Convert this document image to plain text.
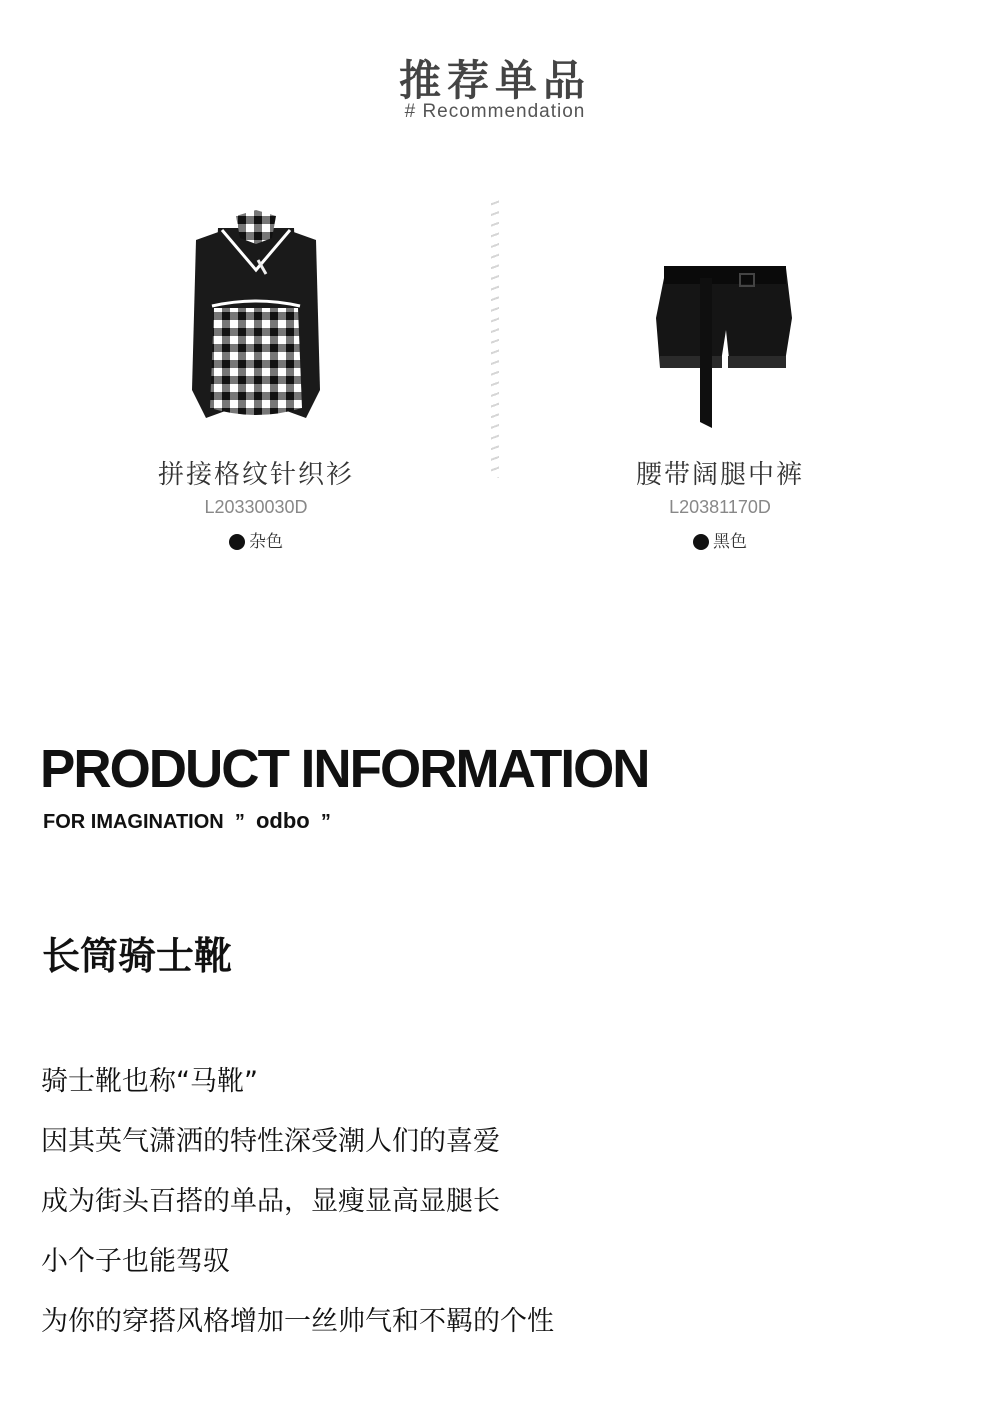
推荐单品
# Recommendation
拼接格纹针织衫
L20330030D
杂色
腰带阔腿中裤
L20381170D
黑色
PRODUCT INFORMATION
FOR IMAGINATION  ”  odbo  ”
长筒骑士靴
骑士靴也称“马靴”
因其英气潇洒的特性深受潮人们的喜爱
成为街头百搭的单品，显瘦显高显腿长
小个子也能驾驭
为你的穿搭风格增加一丝帅气和不羁的个性
